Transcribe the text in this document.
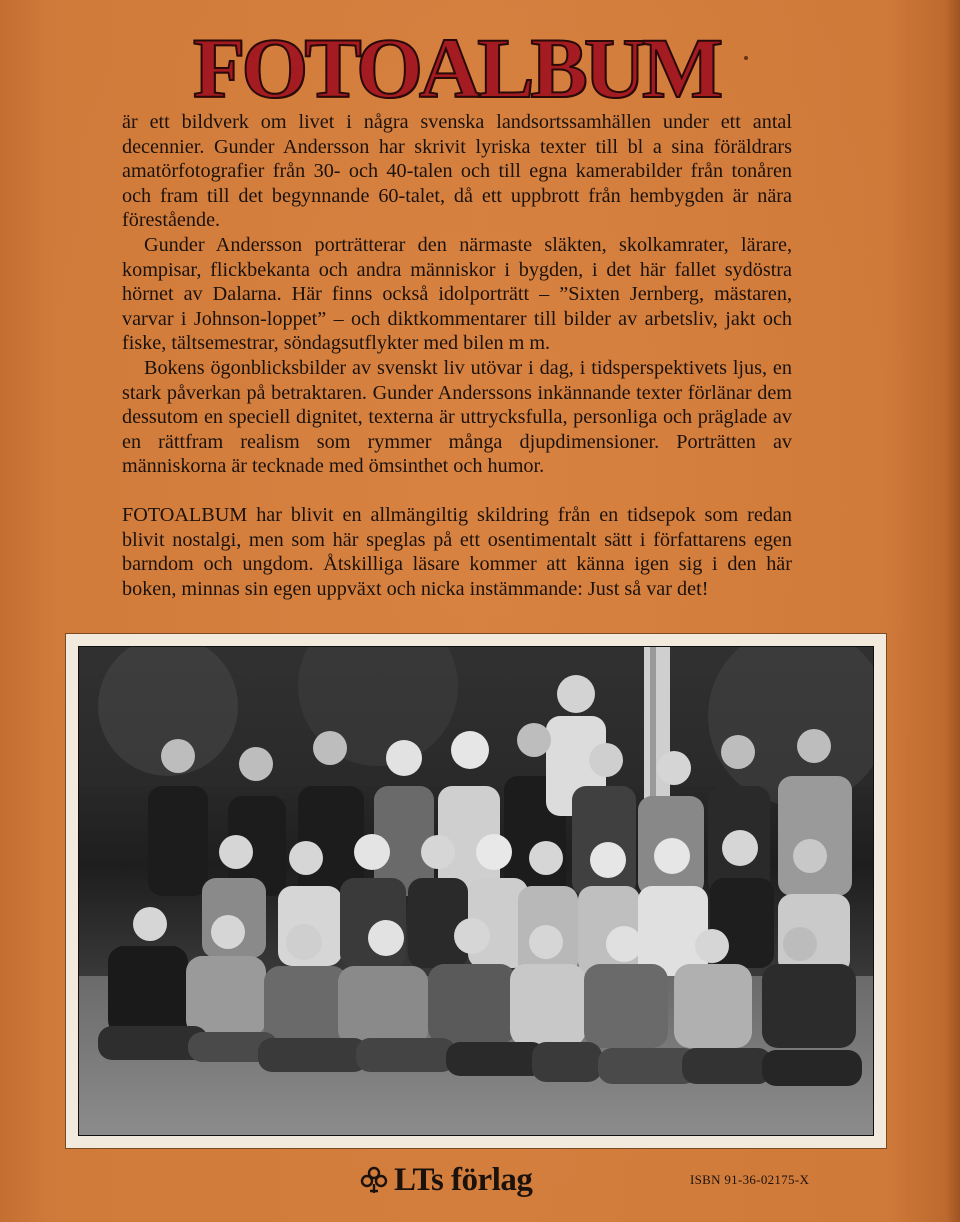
FOTOALBUM

är ett bildverk om livet i några svenska landsortssamhällen under ett antal decennier. Gunder Andersson har skrivit lyriska texter till bl a sina föräldrars amatörfotografier från 30- och 40-talen och till egna kamerabilder från tonåren och fram till det begynnande 60-talet, då ett uppbrott från hembygden är nära förestående.

Gunder Andersson porträtterar den närmaste släkten, skolkamrater, lärare, kompisar, flickbekanta och andra människor i bygden, i det här fallet sydöstra hörnet av Dalarna. Här finns också idolporträtt – ”Sixten Jernberg, mästaren, varvar i Johnson-loppet” – och diktkommentarer till bilder av arbetsliv, jakt och fiske, tältsemestrar, söndagsutflykter med bilen m m.

Bokens ögonblicksbilder av svenskt liv utövar i dag, i tidsperspektivets ljus, en stark påverkan på betraktaren. Gunder Anderssons inkännande texter förlänar dem dessutom en speciell dignitet, texterna är uttrycksfulla, personliga och präglade av en rättfram realism som rymmer många djupdimensioner. Porträtten av människorna är tecknade med ömsinthet och humor.

FOTOALBUM har blivit en allmängiltig skildring från en tidsepok som redan blivit nostalgi, men som här speglas på ett osentimentalt sätt i författarens egen barndom och ungdom. Åtskilliga läsare kommer att känna igen sig i den här boken, minnas sin egen uppväxt och nicka instämmande: Just så var det!

LTs förlag	ISBN 91-36-02175-X
